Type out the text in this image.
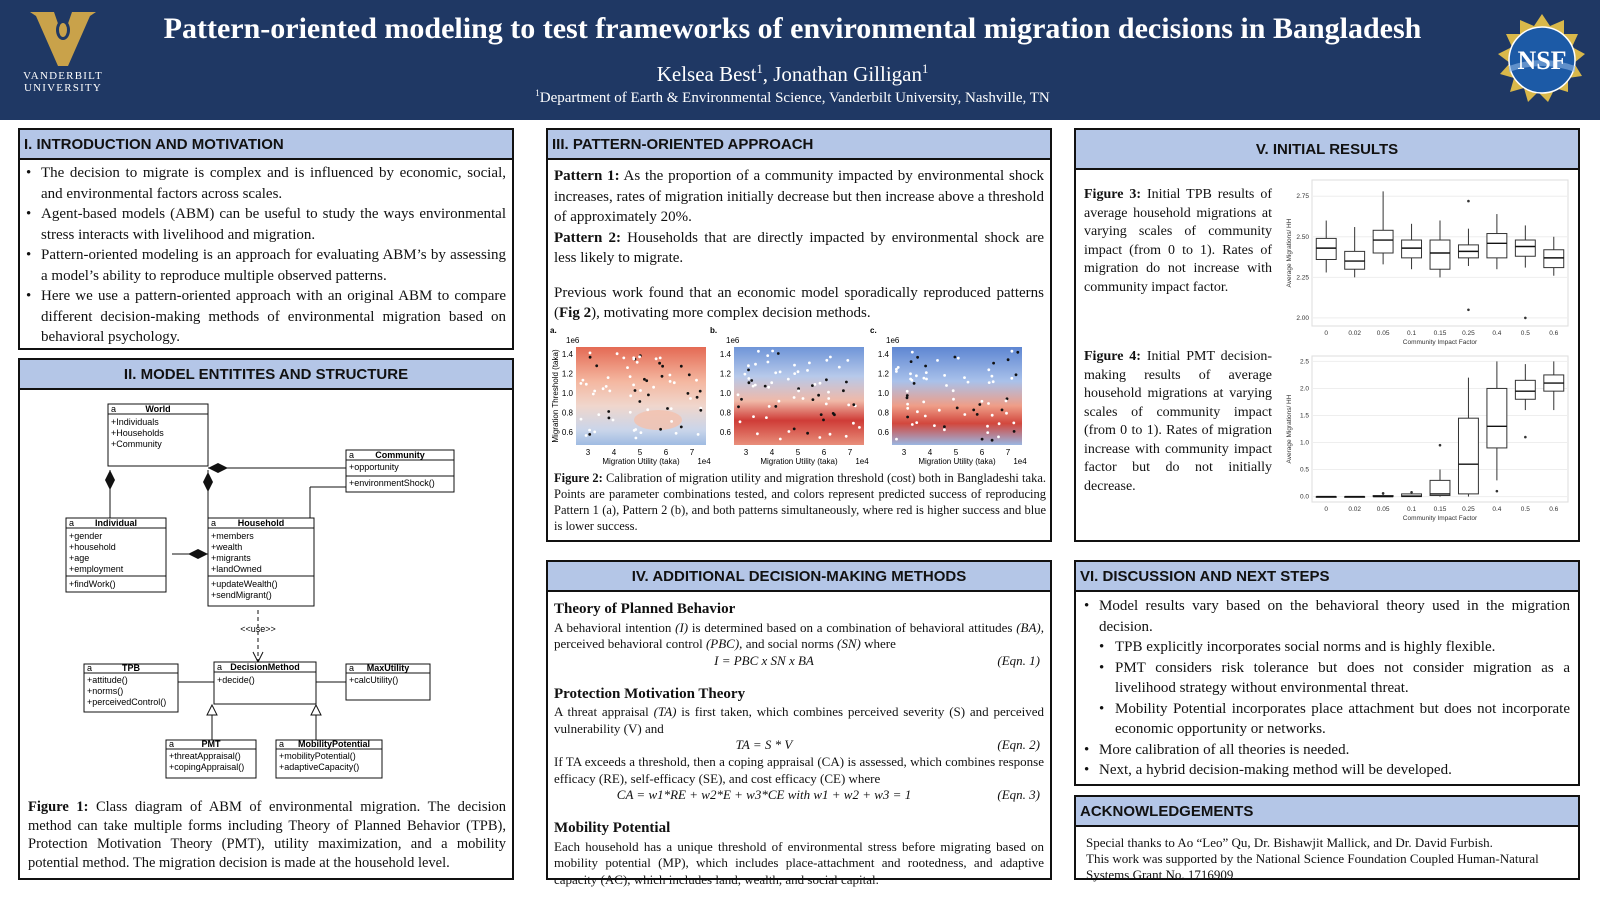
VANDERBILT
UNIVERSITY
Pattern-oriented modeling to test frameworks of environmental migration decisions in Bangladesh
Kelsea Best$^1$, Jonathan Gilligan$^1$
$^1$Department of Earth & Environmental Science, Vanderbilt University, Nashville, TN
NSF
I. INTRODUCTION AND MOTIVATION
• The decision to migrate is complex and is influenced by economic, social, and environmental factors across scales.
• Agent-based models (ABM) can be useful to study the ways environmental stress interacts with livelihood and migration.
• Pattern-oriented modeling is an approach for evaluating ABM’s by assessing a model’s ability to reproduce multiple observed patterns.
• Here we use a pattern-oriented approach with an original ABM to compare different decision-making methods of environmental migration based on behavioral psychology.
II. MODEL ENTITITES AND STRUCTURE
a	World
+Individuals
+Households
+Community
a Community
+opportunity
+environmentShock()
a Individual
+gender
+household
+age
+employment
+findWork()
a Household
+members
+wealth
+migrants
+landOwned
+updateWealth()
+sendMigrant()
<<use>>
a DecisionMethod
+decide()
a	TPB
+attitude()
+norms()
+perceivedControl()
a MaxUtility
+calcUtility()
a	PMT
+threatAppraisal()
+copingAppraisal()
a MobilityPotential
+mobilityPotential()
+adaptiveCapacity()
Figure 1: Class diagram of ABM of environmental migration. The decision method can take multiple forms including Theory of Planned Behavior (TPB), Protection Motivation Theory (PMT), utility maximization, and a mobility potential method. The migration decision is made at the household level.
III. PATTERN-ORIENTED APPROACH
Pattern 1: As the proportion of a community impacted by environmental shock increases, rates of migration initially decrease but then increase above a threshold of approximately 20%.
Pattern 2: Households that are directly impacted by environmental shock are less likely to migrate.
Previous work found that an economic model sporadically reproduced patterns (Fig 2), motivating more complex decision methods.
a.
1e6
b.
1e6
c.
1e6
3	4	5	6	7
Migration Utility (taka) 1e4
1.4
1.2
1.0
0.8
0.6
3	4	5	6	7
Migration Utility (taka) 1e4
1.4
1.2
1.0
0.8
0.6
3	4	5	6	7
Migration Utility (taka) 1e4
1.4
1.2
1.0
0.8
0.6
Migration Threshold (taka)
Figure 2: Calibration of migration utility and migration threshold (cost) both in Bangladeshi taka. Points are parameter combinations tested, and colors represent predicted success of reproducing Pattern 1 (a), Pattern 2 (b), and both patterns simultaneously, where red is higher success and blue is lower success.
IV. ADDITIONAL DECISION-MAKING METHODS
Theory of Planned Behavior
A behavioral intention (I) is determined based on a combination of behavioral attitudes (BA), perceived behavioral control (PBC), and social norms (SN) where
I = PBC x SN x BA	(Eqn. 1)
Protection Motivation Theory
A threat appraisal (TA) is first taken, which combines perceived severity (S) and perceived vulnerability (V) and
TA = S * V	(Eqn. 2)
If TA exceeds a threshold, then a coping appraisal (CA) is assessed, which combines response efficacy (RE), self-efficacy (SE), and cost efficacy (CE) where
CA = w1*RE + w2*E + w3*CE with w1 + w2 + w3 = 1	(Eqn. 3)
Mobility Potential
Each household has a unique threshold of environmental stress before migrating based on mobility potential (MP), which includes place-attachment and rootedness, and adaptive capacity (AC), which includes land, wealth, and social capital.
V. INITIAL RESULTS
Figure 3: Initial TPB results of average household migrations at varying scales of community impact (from 0 to 1). Rates of migration do not increase with community impact factor.
Figure 4: Initial PMT decision-making results of average household migrations at varying scales of community impact (from 0 to 1). Rates of migration increase with community impact factor but do not initially decrease.
2.75
2.50
2.25
2.00
0	0.02 0.05	0.1	0.15 0.25	0.4	0.5	0.6
Community Impact Factor
Average Migrations/ HH
2.5
2.0
1.5
1.0
0.5
0.0
0	0.02 0.05	0.1	0.15 0.25	0.4	0.5	0.6
Community Impact Factor
Average Migrations/ HH
VI. DISCUSSION AND NEXT STEPS
• Model results vary based on the behavioral theory used in the migration decision.
• TPB explicitly incorporates social norms and is highly flexible.
• PMT considers risk tolerance but does not consider migration as a livelihood strategy without environmental threat.
• Mobility Potential incorporates place attachment but does not incorporate economic opportunity or networks.
• More calibration of all theories is needed.
• Next, a hybrid decision-making method will be developed.
ACKNOWLEDGEMENTS
Special thanks to Ao “Leo” Qu, Dr. Bishawjit Mallick, and Dr. David Furbish.
This work was supported by the National Science Foundation Coupled Human-Natural Systems Grant No. 1716909
